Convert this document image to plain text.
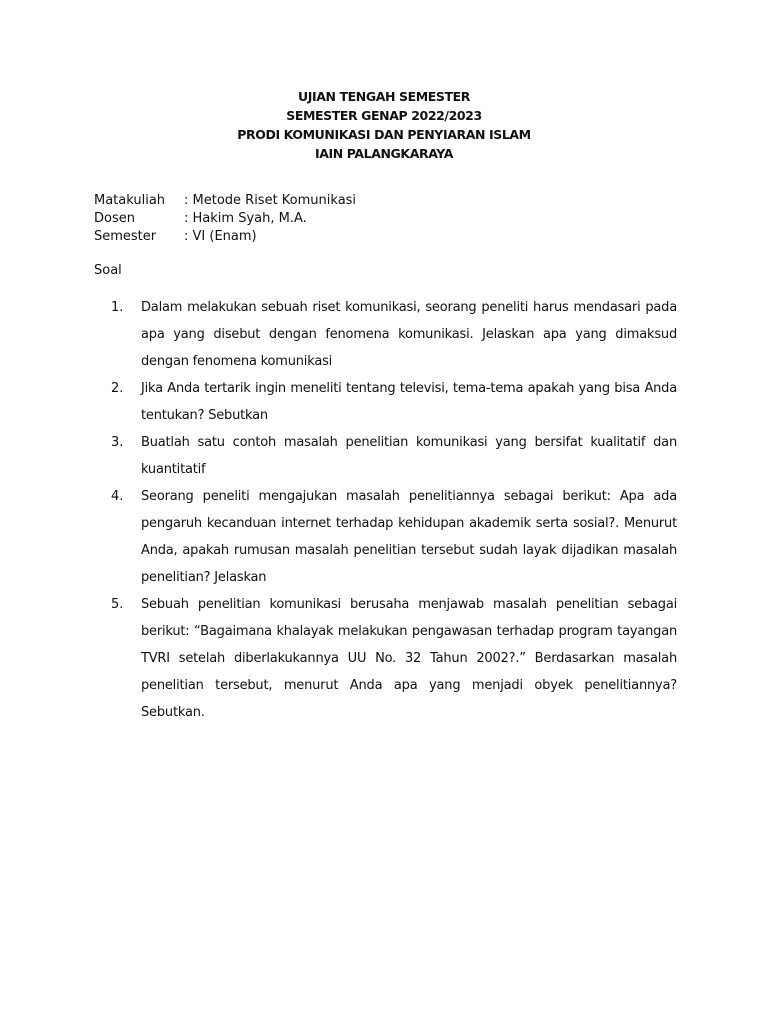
UJIAN TENGAH SEMESTER
SEMESTER GENAP 2022/2023
PRODI KOMUNIKASI DAN PENYIARAN ISLAM
IAIN PALANGKARAYA
Matakuliah	: Metode Riset Komunikasi
Dosen	: Hakim Syah, M.A.
Semester	: VI (Enam)
Soal
1.	Dalam melakukan sebuah riset komunikasi, seorang peneliti harus mendasari pada apa yang disebut dengan fenomena komunikasi. Jelaskan apa yang dimaksud dengan fenomena komunikasi
2.	Jika Anda tertarik ingin meneliti tentang televisi, tema-tema apakah yang bisa Anda tentukan? Sebutkan
3.	Buatlah satu contoh masalah penelitian komunikasi yang bersifat kualitatif dan kuantitatif
4.	Seorang peneliti mengajukan masalah penelitiannya sebagai berikut: Apa ada pengaruh kecanduan internet terhadap kehidupan akademik serta sosial?. Menurut Anda, apakah rumusan masalah penelitian tersebut sudah layak dijadikan masalah penelitian? Jelaskan
5.	Sebuah penelitian komunikasi berusaha menjawab masalah penelitian sebagai berikut: “Bagaimana khalayak melakukan pengawasan terhadap program tayangan TVRI setelah diberlakukannya UU No. 32 Tahun 2002?.” Berdasarkan masalah penelitian tersebut, menurut Anda apa yang menjadi obyek penelitiannya? Sebutkan.
